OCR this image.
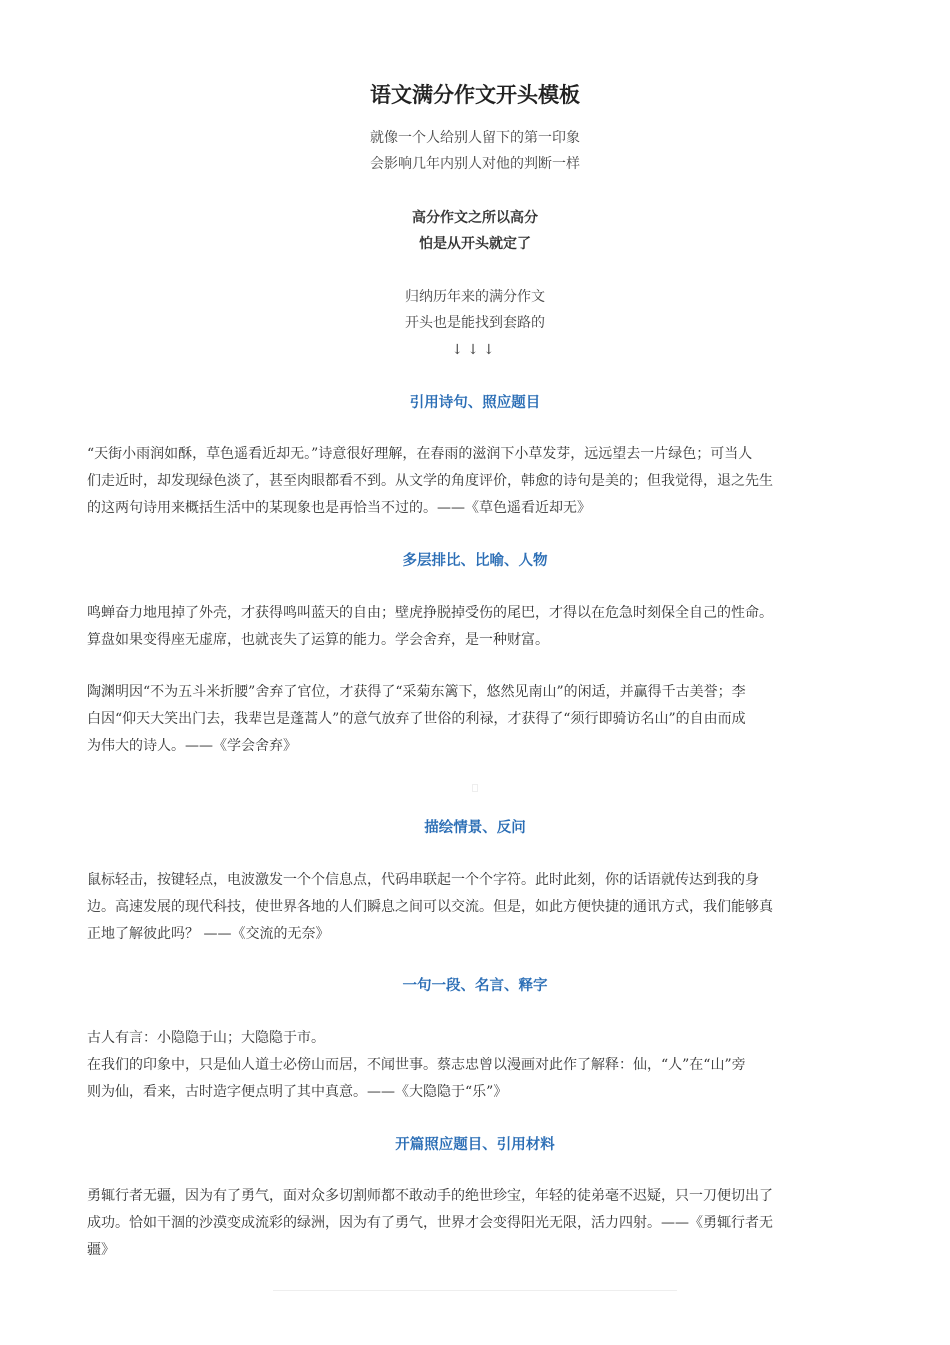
语文满分作文开头模板
就像一个人给别人留下的第一印象
会影响几年内别人对他的判断一样
高分作文之所以高分
怕是从开头就定了
归纳历年来的满分作文
开头也是能找到套路的
↓↓↓
引用诗句、照应题目
“天街小雨润如酥，草色遥看近却无。”诗意很好理解，在春雨的滋润下小草发芽，远远望去一片绿色；可当人
们走近时，却发现绿色淡了，甚至肉眼都看不到。从文学的角度评价，韩愈的诗句是美的；但我觉得，退之先生
的这两句诗用来概括生活中的某现象也是再恰当不过的。——《草色遥看近却无》
多层排比、比喻、人物
鸣蝉奋力地甩掉了外壳，才获得鸣叫蓝天的自由；壁虎挣脱掉受伤的尾巴，才得以在危急时刻保全自己的性命。
算盘如果变得座无虚席，也就丧失了运算的能力。学会舍弃，是一种财富。
陶渊明因“不为五斗米折腰”舍弃了官位，才获得了“采菊东篱下，悠然见南山”的闲适，并赢得千古美誉；李
白因“仰天大笑出门去，我辈岂是蓬蒿人”的意气放弃了世俗的利禄，才获得了“须行即骑访名山”的自由而成
为伟大的诗人。——《学会舍弃》
描绘情景、反问
鼠标轻击，按键轻点，电波激发一个个信息点，代码串联起一个个字符。此时此刻，你的话语就传达到我的身
边。高速发展的现代科技，使世界各地的人们瞬息之间可以交流。但是，如此方便快捷的通讯方式，我们能够真
正地了解彼此吗？ ——《交流的无奈》
一句一段、名言、释字
古人有言：小隐隐于山；大隐隐于市。
在我们的印象中，只是仙人道士必傍山而居，不闻世事。蔡志忠曾以漫画对此作了解释：仙，“人”在“山”旁
则为仙，看来，古时造字便点明了其中真意。——《大隐隐于“乐”》
开篇照应题目、引用材料
勇辄行者无疆，因为有了勇气，面对众多切割师都不敢动手的绝世珍宝，年轻的徒弟毫不迟疑，只一刀便切出了
成功。恰如干涸的沙漠变成流彩的绿洲，因为有了勇气，世界才会变得阳光无限，活力四射。——《勇辄行者无
疆》
